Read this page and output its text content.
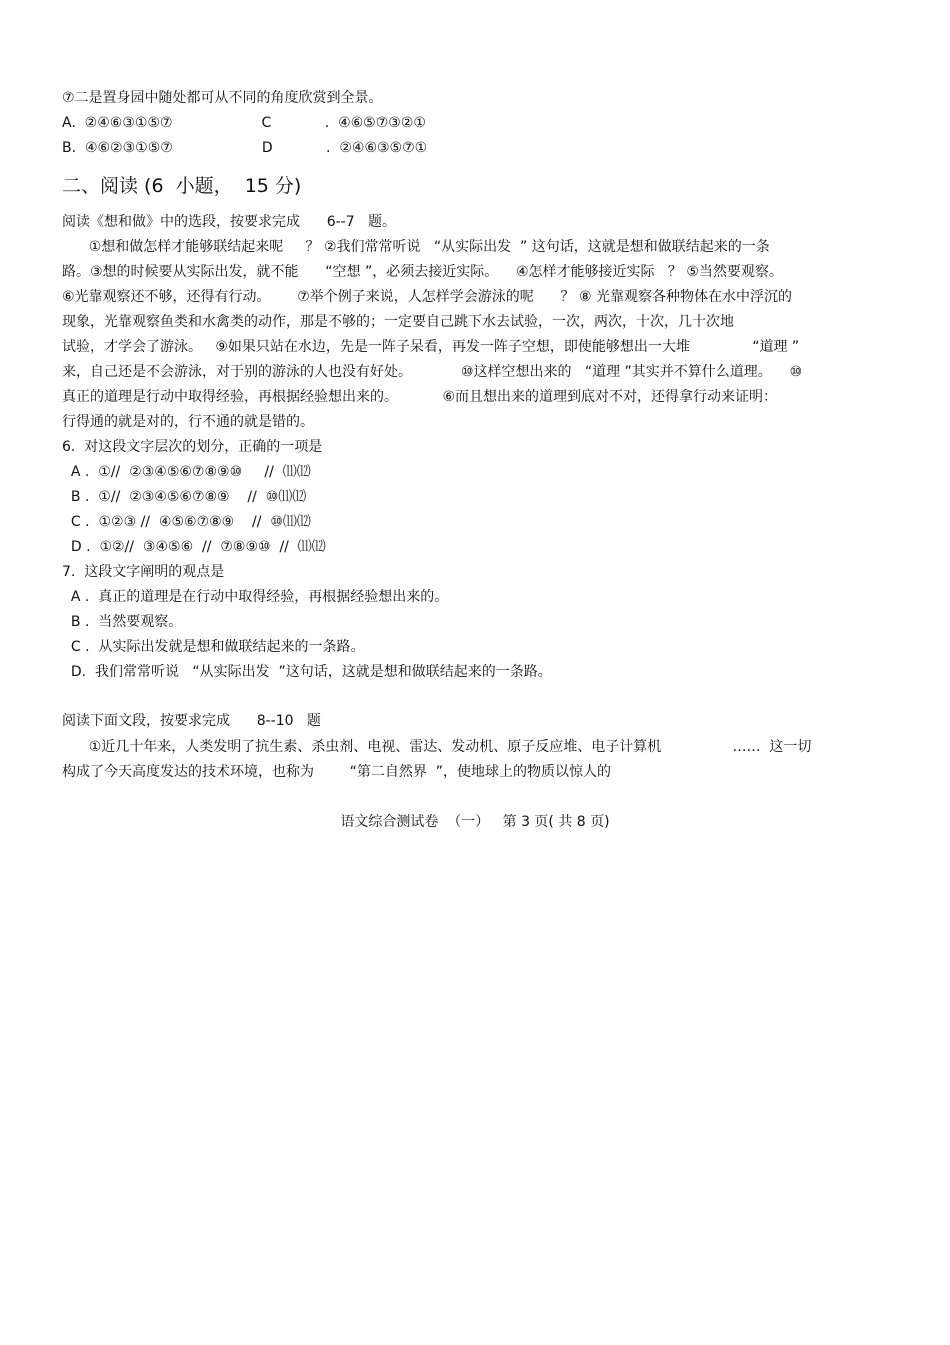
⑦二是置身园中随处都可从不同的角度欣赏到全景。
A.  ②④⑥③①⑤⑦                    C            .  ④⑥⑤⑦③②①
B.  ④⑥②③①⑤⑦                    D            .  ②④⑥③⑤⑦①
二、阅读 (6  小题，  15 分)
阅读《想和做》中的选段，按要求完成      6--7   题。
①想和做怎样才能够联结起来呢     ？ ②我们常常听说   “从实际出发  ” 这句话，这就是想和做联结起来的一条
路。③想的时候要从实际出发，就不能      “空想 ”，必须去接近实际。    ④怎样才能够接近实际   ？ ⑤当然要观察。
⑥光靠观察还不够，还得有行动。      ⑦举个例子来说，人怎样学会游泳的呢      ？ ⑧ 光靠观察各种物体在水中浮沉的
现象，光靠观察鱼类和水禽类的动作，那是不够的；一定要自己跳下水去试验，一次，两次，十次，几十次地
试验，才学会了游泳。   ⑨如果只站在水边，先是一阵子呆看，再发一阵子空想，即使能够想出一大堆              “道理 ”
来，自己还是不会游泳，对于别的游泳的人也没有好处。           ⑩这样空想出来的   “道理 ”其实并不算什么道理。    ⑩
真正的道理是行动中取得经验，再根据经验想出来的。          ⑥而且想出来的道理到底对不对，还得拿行动来证明：
行得通的就是对的，行不通的就是错的。
6.  对这段文字层次的划分，正确的一项是
A .  ①//  ②③④⑤⑥⑦⑧⑨⑩     //  ⑾⑿
B .  ①//  ②③④⑤⑥⑦⑧⑨    //  ⑩⑾⑿
C .  ①②③ //  ④⑤⑥⑦⑧⑨    //  ⑩⑾⑿
D .  ①②//  ③④⑤⑥  //  ⑦⑧⑨⑩  //  ⑾⑿
7.  这段文字阐明的观点是
A .  真正的道理是在行动中取得经验，再根据经验想出来的。
B .  当然要观察。
C .  从实际出发就是想和做联结起来的一条路。
D.  我们常常听说   “从实际出发  ”这句话，这就是想和做联结起来的一条路。
阅读下面文段，按要求完成      8--10   题
①近几十年来，人类发明了抗生素、杀虫剂、电视、雷达、发动机、原子反应堆、电子计算机                ……  这一切
构成了今天高度发达的技术环境，也称为        “第二自然界  ”，使地球上的物质以惊人的
语文综合测试卷  （一）   第 3 页( 共 8 页)
